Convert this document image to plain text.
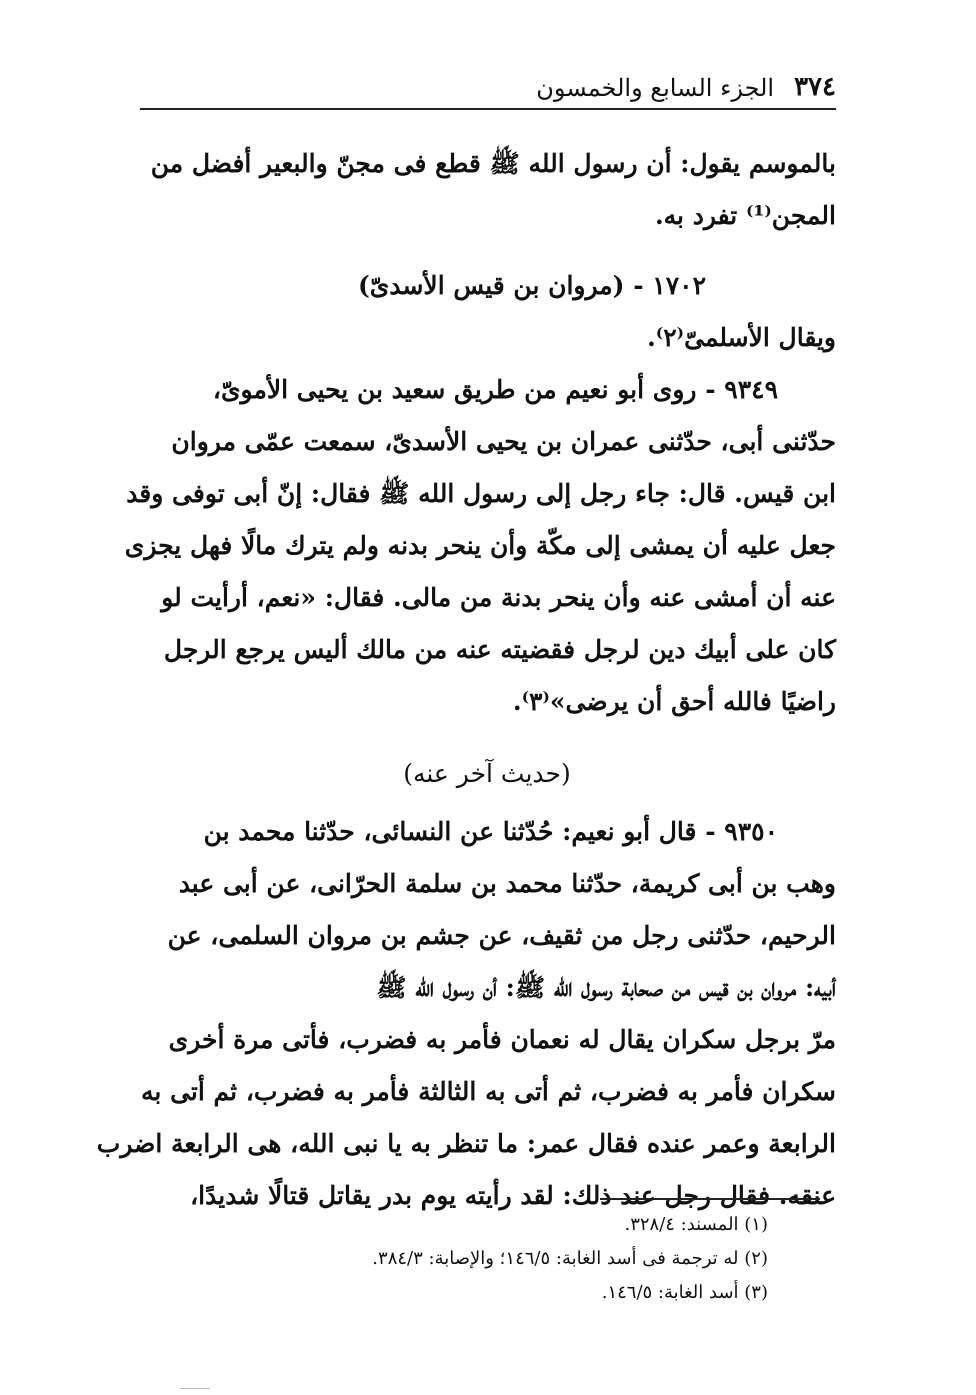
٣٧٤
الجزء السابع والخمسون
بالموسم يقول: أن رسول الله ﷺ قطع فى مجنّ والبعير أفضل من
المجن⁽¹⁾ تفرد به.
١٧٠٢ - (مروان بن قيس الأسدىّ)
ويقال الأسلمىّ⁽٢⁾.
٩٣٤٩ - روى أبو نعيم من طريق سعيد بن يحيى الأموىّ،
حدّثنى أبى، حدّثنى عمران بن يحيى الأسدىّ، سمعت عمّى مروان
ابن قيس. قال: جاء رجل إلى رسول الله ﷺ فقال: إنّ أبى توفى وقد
جعل عليه أن يمشى إلى مكّة وأن ينحر بدنه ولم يترك مالًا فهل يجزى
عنه أن أمشى عنه وأن ينحر بدنة من مالى. فقال: «نعم، أرأيت لو
كان على أبيك دين لرجل فقضيته عنه من مالك أليس يرجع الرجل
راضيًا فالله أحق أن يرضى»⁽٣⁾.
(حديث آخر عنه)
٩٣٥٠ - قال أبو نعيم: حُدّثنا عن النسائى، حدّثنا محمد بن
وهب بن أبى كريمة، حدّثنا محمد بن سلمة الحرّانى، عن أبى عبد
الرحيم، حدّثنى رجل من ثقيف، عن جشم بن مروان السلمى، عن
أبيه: مروان بن قيس من صحابة رسول الله ﷺ: أن رسول الله ﷺ
مرّ برجل سكران يقال له نعمان فأمر به فضرب، فأتى مرة أخرى
سكران فأمر به فضرب، ثم أتى به الثالثة فأمر به فضرب، ثم أتى به
الرابعة وعمر عنده فقال عمر: ما تنظر به يا نبى الله، هى الرابعة اضرب
عنقه. فقال رجل عند ذلك: لقد رأيته يوم بدر يقاتل قتالًا شديدًا،
(١) المسند: ٣٢٨/٤.
(٢) له ترجمة فى أسد الغابة: ١٤٦/٥؛ والإصابة: ٣٨٤/٣.
(٣) أسد الغابة: ١٤٦/٥.
